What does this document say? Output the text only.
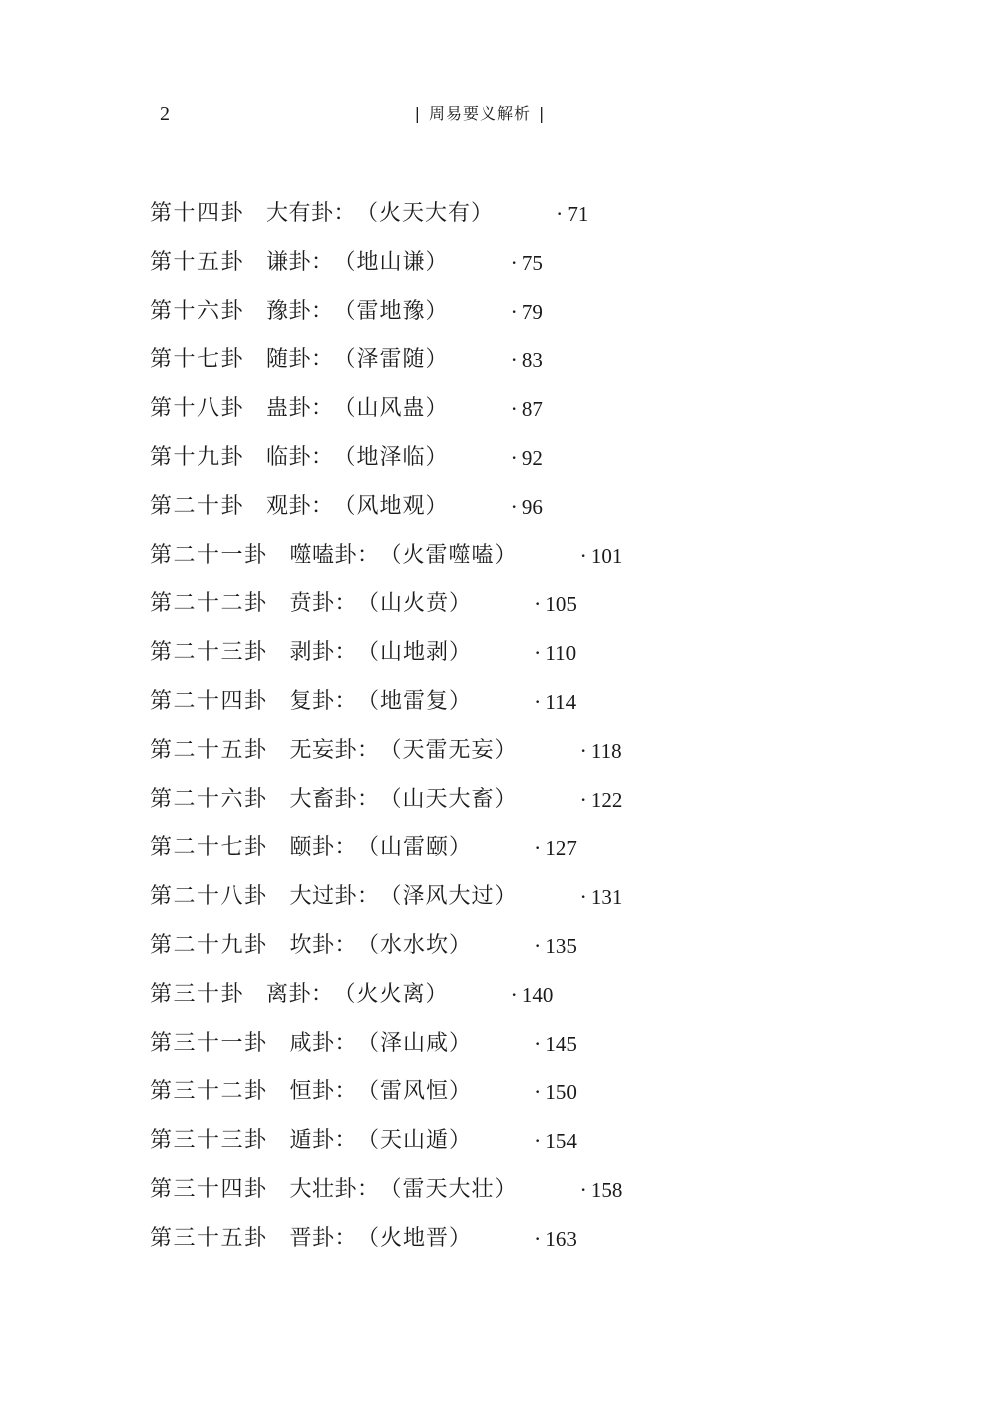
2	| 周易要义解析 |
第十四卦 大有卦：（火天大有）	· 71
第十五卦 谦卦：（地山谦）	· 75
第十六卦 豫卦：（雷地豫）	· 79
第十七卦 随卦：（泽雷随）	· 83
第十八卦 蛊卦：（山风蛊）	· 87
第十九卦 临卦：（地泽临）	· 92
第二十卦 观卦：（风地观）	· 96
第二十一卦 噬嗑卦：（火雷噬嗑）	· 101
第二十二卦 贲卦：（山火贲）	· 105
第二十三卦 剥卦：（山地剥）	· 110
第二十四卦 复卦：（地雷复）	· 114
第二十五卦 无妄卦：（天雷无妄）	· 118
第二十六卦 大畜卦：（山天大畜）	· 122
第二十七卦 颐卦：（山雷颐）	· 127
第二十八卦 大过卦：（泽风大过）	· 131
第二十九卦 坎卦：（水水坎）	· 135
第三十卦 离卦：（火火离）	· 140
第三十一卦 咸卦：（泽山咸）	· 145
第三十二卦 恒卦：（雷风恒）	· 150
第三十三卦 遁卦：（天山遁）	· 154
第三十四卦 大壮卦：（雷天大壮）	· 158
第三十五卦 晋卦：（火地晋）	· 163
